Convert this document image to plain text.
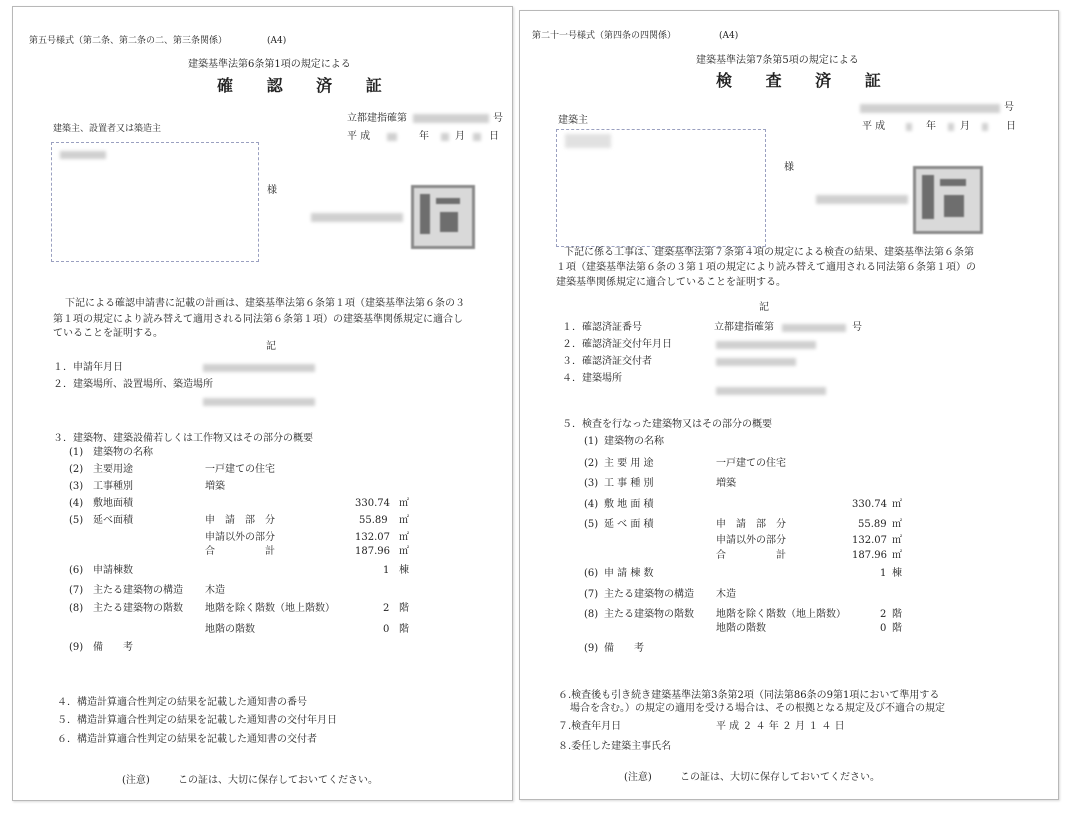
第五号様式（第二条、第二条の二、第三条関係）	(A4)
建築基準法第6条第1項の規定による
確 認 済 証
立都建指確第	号
平 成	年	月 日
建築主、設置者又は築造主
様
下記による確認申請書に記載の計画は、建築基準法第６条第１項（建築基準法第６条の３
第１項の規定により読み替えて適用される同法第６条第１項）の建築基準関係規定に適合し
ていることを証明する。
記
１．申請年月日
２．建築場所、設置場所、築造場所
３．建築物、建築設備若しくは工作物又はその部分の概要
(1) 建築物の名称
(2) 主要用途	一戸建ての住宅
(3) 工事種別	増築
(4) 敷地面積	330.74 ㎡
(5) 延べ面積	申　請　部　分	55.89 ㎡
申請以外の部分	132.07 ㎡
合　　　　　計	187.96 ㎡
(6) 申請棟数	1 棟
(7) 主たる建築物の構造 木造
(8) 主たる建築物の階数 地階を除く階数（地上階数）	2 階
地階の階数	0 階
(9) 備　　考
４．構造計算適合性判定の結果を記載した通知書の番号
５．構造計算適合性判定の結果を記載した通知書の交付年月日
６．構造計算適合性判定の結果を記載した通知書の交付者
(注意)	この証は、大切に保存しておいてください。
第二十一号様式（第四条の四関係）	(A4)
建築基準法第7条第5項の規定による
検 査 済 証
号
平 成	年 月	日
建築主
様
下記に係る工事は、建築基準法第７条第４項の規定による検査の結果、建築基準法第６条第
１項（建築基準法第６条の３第１項の規定により読み替えて適用される同法第６条第１項）の
建築基準関係規定に適合していることを証明する。
記
１．確認済証番号	立都建指確第	号
２．確認済証交付年月日
３．確認済証交付者
４．建築場所
５．検査を行なった建築物又はその部分の概要
(1) 建築物の名称
(2) 主 要 用 途	一戸建ての住宅
(3) 工 事 種 別	増築
(4) 敷 地 面 積	330.74 ㎡
(5) 延 べ 面 積	申　請　部　分	55.89 ㎡
申請以外の部分	132.07 ㎡
合　　　　　計	187.96 ㎡
(6) 申 請 棟 数	1 棟
(7) 主たる建築物の構造 木造
(8) 主たる建築物の階数 地階を除く階数（地上階数）	2 階
地階の階数	0 階
(9) 備　　考
６.検査後も引き続き建築基準法第3条第2項（同法第86条の9第1項において準用する
場合を含む。）の規定の適用を受ける場合は、その根拠となる規定及び不適合の規定
７.検査年月日	平 成 ２ ４ 年 ２ 月 １ ４ 日
８.委任した建築主事氏名
(注意)	この証は、大切に保存しておいてください。
